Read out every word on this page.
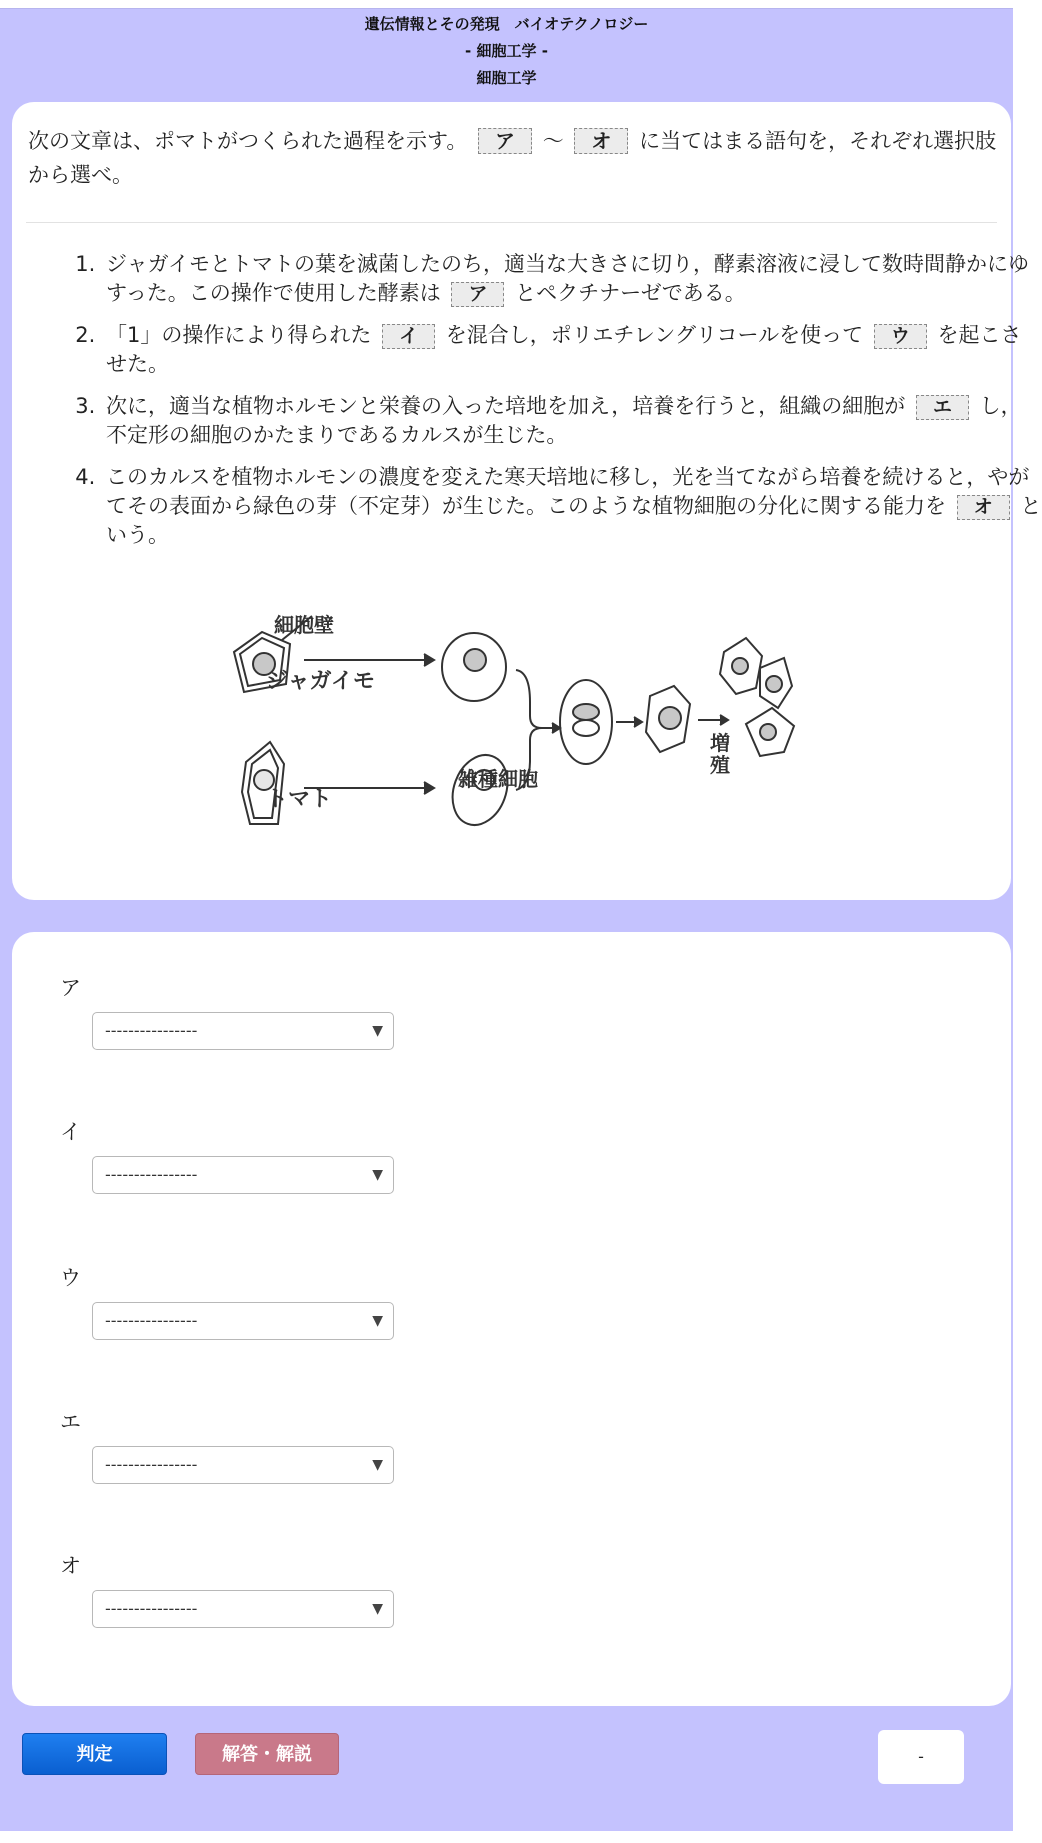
遺伝情報とその発現　バイオテクノロジー
- 細胞工学 -
細胞工学
次の文章は、ポマトがつくられた過程を示す。 ア 〜 オ に当てはまる語句を，それぞれ選択肢から選べ。
1. ジャガイモとトマトの葉を滅菌したのち，適当な大きさに切り，酵素溶液に浸して数時間静かにゆすった。この操作で使用した酵素は ア とペクチナーゼである。
2. 「1」の操作により得られた イ を混合し，ポリエチレングリコールを使って ウ を起こさせた。
3. 次に，適当な植物ホルモンと栄養の入った培地を加え，培養を行うと，組織の細胞が エ し，不定形の細胞のかたまりであるカルスが生じた。
4. このカルスを植物ホルモンの濃度を変えた寒天培地に移し，光を当てながら培養を続けると，やがてその表面から緑色の芽（不定芽）が生じた。このような植物細胞の分化に関する能力を オ という。
細胞壁
ジャガイモ
トマト
雑種細胞
増
殖
ア
----------------	▼
イ
----------------	▼
ウ
----------------	▼
エ
----------------	▼
オ
----------------	▼
判定	解答・解説	-
